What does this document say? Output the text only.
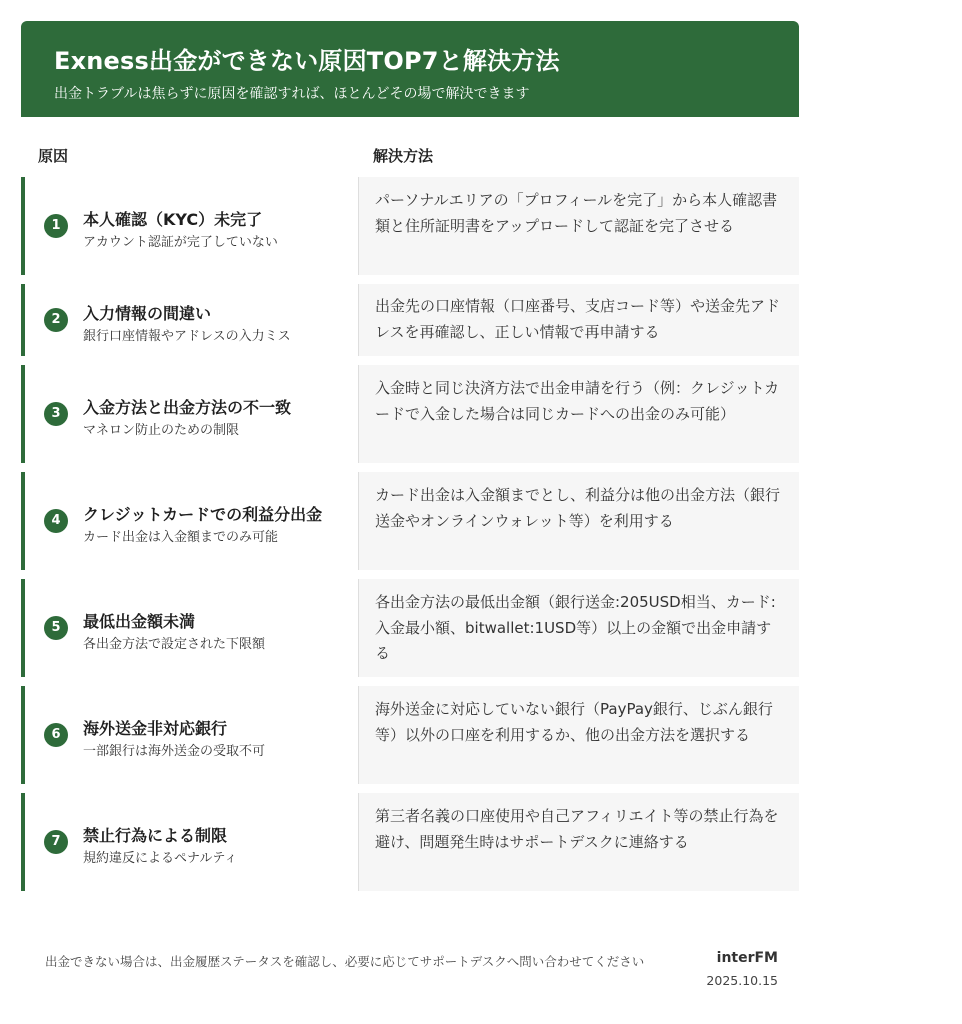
Exness出金ができない原因TOP7と解決方法
出金トラブルは焦らずに原因を確認すれば、ほとんどその場で解決できます
原因	解決方法
1	本人確認（KYC）未完了
アカウント認証が完了していない
パーソナルエリアの「プロフィールを完了」から本人確認書類と住所証明書をアップロードして認証を完了させる
2	入力情報の間違い
銀行口座情報やアドレスの入力ミス
出金先の口座情報（口座番号、支店コード等）や送金先アドレスを再確認し、正しい情報で再申請する
3	入金方法と出金方法の不一致
マネロン防止のための制限
入金時と同じ決済方法で出金申請を行う（例：クレジットカードで入金した場合は同じカードへの出金のみ可能）
4	クレジットカードでの利益分出金
カード出金は入金額までのみ可能
カード出金は入金額までとし、利益分は他の出金方法（銀行送金やオンラインウォレット等）を利用する
5	最低出金額未満
各出金方法で設定された下限額
各出金方法の最低出金額（銀行送金:205USD相当、カード:入金最小額、bitwallet:1USD等）以上の金額で出金申請する
6	海外送金非対応銀行
一部銀行は海外送金の受取不可
海外送金に対応していない銀行（PayPay銀行、じぶん銀行等）以外の口座を利用するか、他の出金方法を選択する
7	禁止行為による制限
規約違反によるペナルティ
第三者名義の口座使用や自己アフィリエイト等の禁止行為を避け、問題発生時はサポートデスクに連絡する
出金できない場合は、出金履歴ステータスを確認し、必要に応じてサポートデスクへ問い合わせてください	interFM
2025.10.15
